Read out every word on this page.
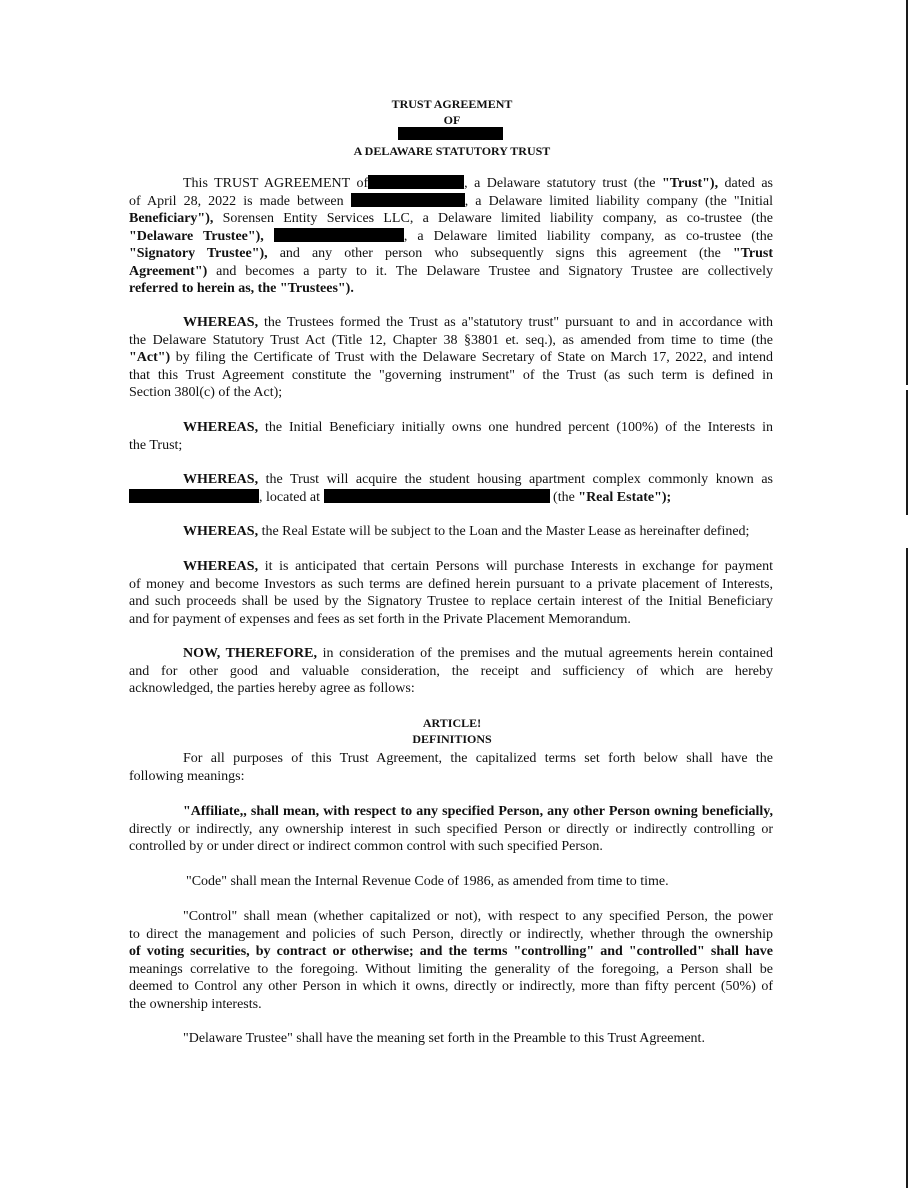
TRUST AGREEMENT
OF
A DELAWARE STATUTORY TRUST
This TRUST AGREEMENT of	, a Delaware statutory trust (the "Trust"), dated as
of April 28, 2022 is made between	, a Delaware limited liability company (the "Initial
Beneficiary"), Sorensen Entity Services LLC, a Delaware limited liability company, as co-trustee (the
"Delaware Trustee"),	, a Delaware limited liability company, as co-trustee (the
"Signatory Trustee"), and any other person who subsequently signs this agreement (the "Trust
Agreement") and becomes a party to it. The Delaware Trustee and Signatory Trustee are collectively
referred to herein as, the "Trustees").
WHEREAS, the Trustees formed the Trust as a"statutory trust" pursuant to and in accordance with
the Delaware Statutory Trust Act (Title 12, Chapter 38 §3801 et. seq.), as amended from time to time (the
"Act") by filing the Certificate of Trust with the Delaware Secretary of State on March 17, 2022, and intend
that this Trust Agreement constitute the "governing instrument" of the Trust (as such term is defined in
Section 380l(c) of the Act);
WHEREAS, the Initial Beneficiary initially owns one hundred percent (100%) of the Interests in
the Trust;
WHEREAS, the Trust will acquire the student housing apartment complex commonly known as
, located at	(the "Real Estate");
WHEREAS, the Real Estate will be subject to the Loan and the Master Lease as hereinafter defined;
WHEREAS, it is anticipated that certain Persons will purchase Interests in exchange for payment
of money and become Investors as such terms are defined herein pursuant to a private placement of Interests,
and such proceeds shall be used by the Signatory Trustee to replace certain interest of the Initial Beneficiary
and for payment of expenses and fees as set forth in the Private Placement Memorandum.
NOW, THEREFORE, in consideration of the premises and the mutual agreements herein contained
and for other good and valuable consideration, the receipt and sufficiency of which are hereby
acknowledged, the parties hereby agree as follows:
ARTICLE!
DEFINITIONS
For all purposes of this Trust Agreement, the capitalized terms set forth below shall have the
following meanings:
"Affiliate,, shall mean, with respect to any specified Person, any other Person owning beneficially,
directly or indirectly, any ownership interest in such specified Person or directly or indirectly controlling or
controlled by or under direct or indirect common control with such specified Person.
"Code" shall mean the Internal Revenue Code of 1986, as amended from time to time.
"Control" shall mean (whether capitalized or not), with respect to any specified Person, the power
to direct the management and policies of such Person, directly or indirectly, whether through the ownership
of voting securities, by contract or otherwise; and the terms "controlling" and "controlled" shall have
meanings correlative to the foregoing. Without limiting the generality of the foregoing, a Person shall be
deemed to Control any other Person in which it owns, directly or indirectly, more than fifty percent (50%) of
the ownership interests.
"Delaware Trustee" shall have the meaning set forth in the Preamble to this Trust Agreement.
